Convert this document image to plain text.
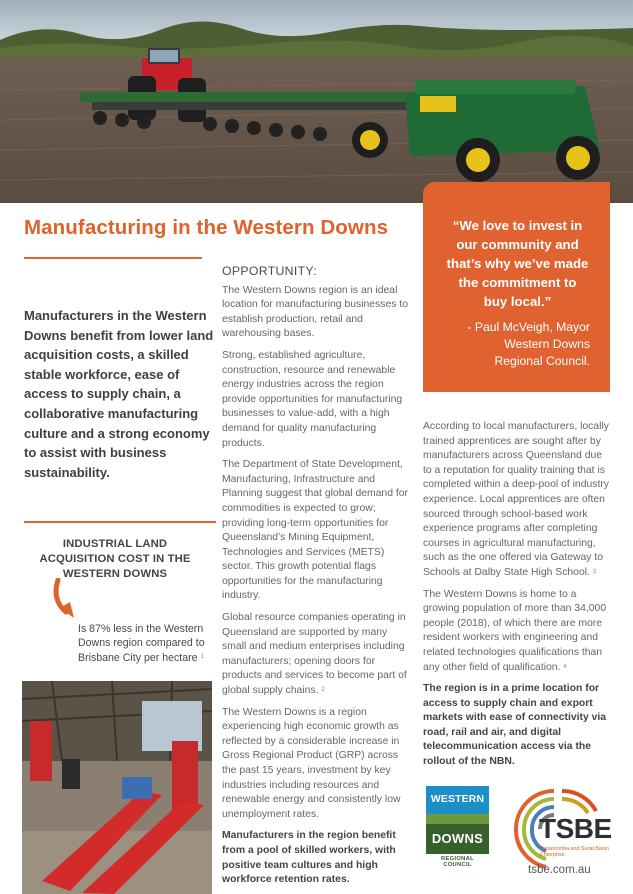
Manufacturing in the Western Downs	“We love to invest in our community and that’s why we’ve made the commitment to buy local.”
- Paul McVeigh, Mayor
Western Downs
Regional Council.
Manufacturers in the Western Downs benefit from lower land acquisition costs, a skilled stable workforce, ease of access to supply chain, a collaborative manufacturing culture and a strong economy to assist with business sustainability.
INDUSTRIAL LAND ACQUISITION COST IN THE WESTERN DOWNS
Is 87% less in the Western Downs region compared to Brisbane City per hectare $^1$
OPPORTUNITY:
The Western Downs region is an ideal location for manufacturing businesses to establish production, retail and warehousing bases.
Strong, established agriculture, construction, resource and renewable energy industries across the region provide opportunities for manufacturing businesses to value-add, with a high demand for quality manufacturing products.
The Department of State Development, Manufacturing, Infrastructure and Planning suggest that global demand for commodities is expected to grow; providing long-term opportunities for Queensland’s Mining Equipment, Technologies and Services (METS) sector. This growth potential flags opportunities for the manufacturing industry.
Global resource companies operating in Queensland are supported by many small and medium enterprises including manufacturers; opening doors for products and services to become part of global supply chains. $^2$
The Western Downs is a region experiencing high economic growth as reflected by a considerable increase in Gross Regional Product (GRP) across the past 15 years, investment by key industries including resources and renewable energy and consistently low unemployment rates.
Manufacturers in the region benefit from a pool of skilled workers, with positive team cultures and high workforce retention rates.
According to local manufacturers, locally trained apprentices are sought after by manufacturers across Queensland due to a reputation for quality training that is completed within a deep-pool of industry experience. Local apprentices are often sourced through school-based work experience programs after completing courses in agricultural manufacturing, such as the one offered via Gateway to Schools at Dalby State High School. $^3$
The Western Downs is home to a growing population of more than 34,000 people (2018), of which there are more resident workers with engineering and related technologies qualifications than any other field of qualification. $^4$
The region is in a prime location for access to supply chain and export markets with ease of connectivity via road, rail and air, and digital telecommunication access via the rollout of the NBN.
WESTERN
DOWNS
REGIONAL COUNCIL
TSBE
Toowoomba and Surat Basin Enterprise
tsbe.com.au
